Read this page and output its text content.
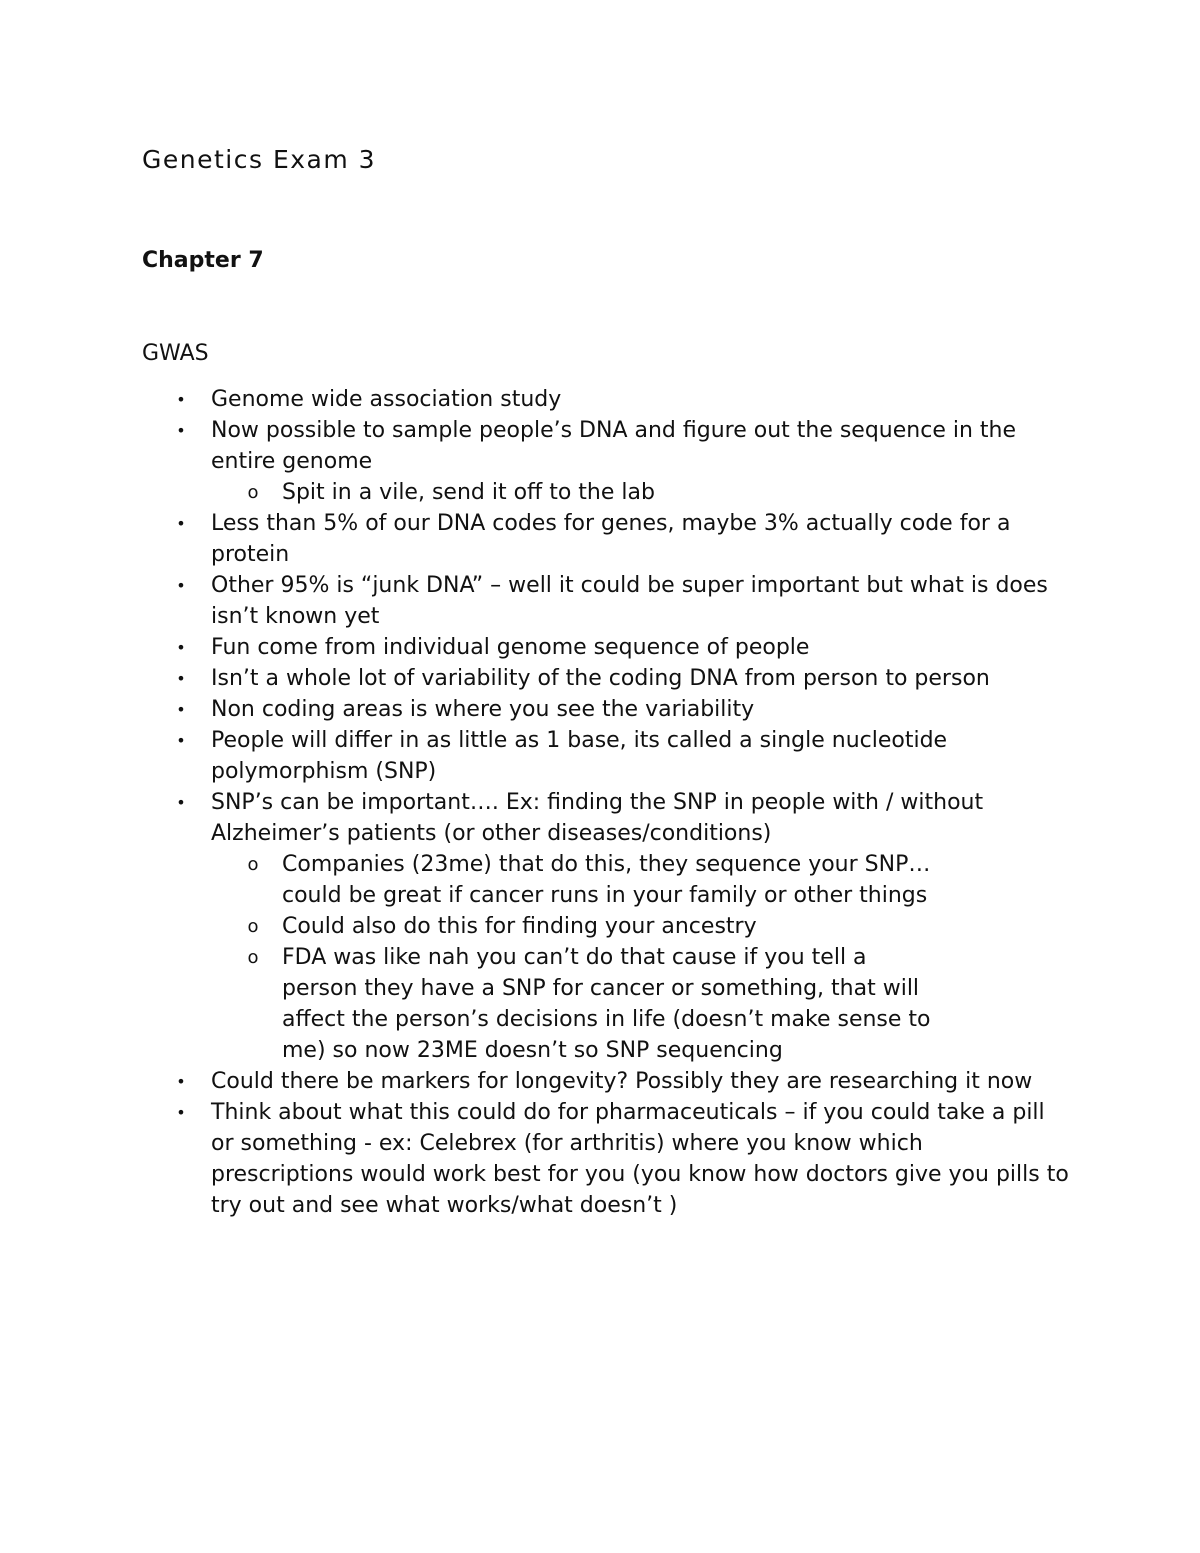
Genetics Exam 3
Chapter 7

GWAS

• Genome wide association study
• Now possible to sample people’s DNA and figure out the sequence in the entire genome
o Spit in a vile, send it off to the lab
• Less than 5% of our DNA codes for genes, maybe 3% actually code for a protein
• Other 95% is “junk DNA” – well it could be super important but what is does isn’t known yet
• Fun come from individual genome sequence of people
• Isn’t a whole lot of variability of the coding DNA from person to person
• Non coding areas is where you see the variability
• People will differ in as little as 1 base, its called a single nucleotide polymorphism (SNP)
• SNP’s can be important…. Ex: finding the SNP in people with / without Alzheimer’s patients (or other diseases/conditions)
o Companies (23me) that do this, they sequence your SNP… could be great if cancer runs in your family or other things
o Could also do this for finding your ancestry
o FDA was like nah you can’t do that cause if you tell a person they have a SNP for cancer or something, that will affect the person’s decisions in life (doesn’t make sense to me) so now 23ME doesn’t so SNP sequencing
• Could there be markers for longevity? Possibly they are researching it now
• Think about what this could do for pharmaceuticals – if you could take a pill or something - ex: Celebrex (for arthritis) where you know which prescriptions would work best for you (you know how doctors give you pills to try out and see what works/what doesn’t )
